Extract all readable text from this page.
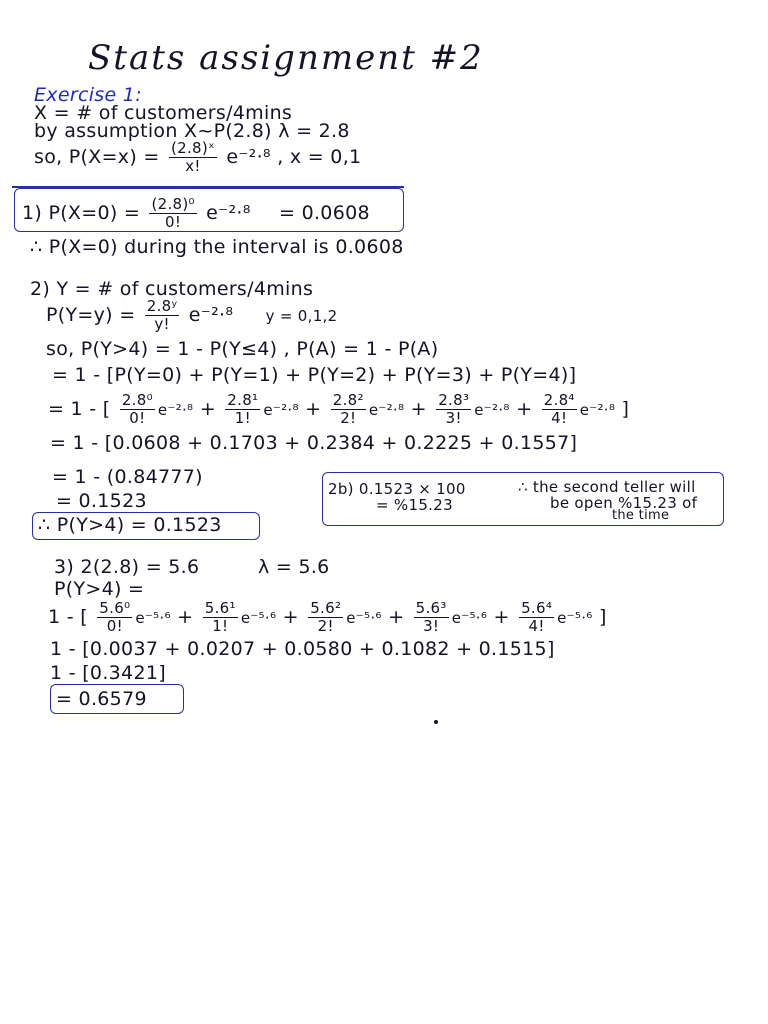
Stats assignment #2
Exercise 1:
X = # of customers/4mins
by assumption X~P(2.8) λ = 2.8
so, $P(X=x) = \frac{\text{(2.8)ˣ}}{x!} e^{-2}\cdot^8$ , x = 0,1
1) $P(X=0) = \frac{\text{(2.8)⁰}}{0!} e^{-2}\cdot^8 = 0.0608$
∴ P(X=0) during the interval is 0.0608
2) Y = # of customers/4mins
$P(Y=y) = \frac{\text{2.8ʸ}}{y!} e^{-2}\cdot^8$ y = 0,1,2
so, P(Y>4) = 1 - P(Y≤4) , P(A) = 1 - P(A)
= 1 - [P(Y=0) + P(Y=1) + P(Y=2) + P(Y=3) + P(Y=4)]
= 1 - [ $\frac{\text{2.8⁰}}{0!} e^{-2}\cdot^8 + \frac{\text{2.8¹}}{1!} e^{-2}\cdot^8 + \frac{\text{2.8²}}{2!} e^{-2}\cdot^8 + \frac{\text{2.8³}}{3!} e^{-2}\cdot^8 + \frac{\text{2.8⁴}}{4!} e^{-2}\cdot^8$ ]
= 1 - [0.0608 + 0.1703 + 0.2384 + 0.2225 + 0.1557]
= 1 - (0.84777)
= 0.1523
∴ P(Y>4) = 0.1523
2b) 0.1523 × 100
= %15.23
∴ the second teller will
be open %15.23 of
the time
3) 2(2.8) = 5.6	λ = 5.6
P(Y>4) =
1 - [ $\frac{\text{5.6⁰}}{0!} e^{-5}\cdot^6 + \frac{\text{5.6¹}}{1!} e^{-5}\cdot^6 + \frac{\text{5.6²}}{2!} e^{-5}\cdot^6 + \frac{\text{5.6³}}{3!} e^{-5}\cdot^6 + \frac{\text{5.6⁴}}{4!} e^{-5}\cdot^6$ ]
1 - [0.0037 + 0.0207 + 0.0580 + 0.1082 + 0.1515]
1 - [0.3421]
= 0.6579
